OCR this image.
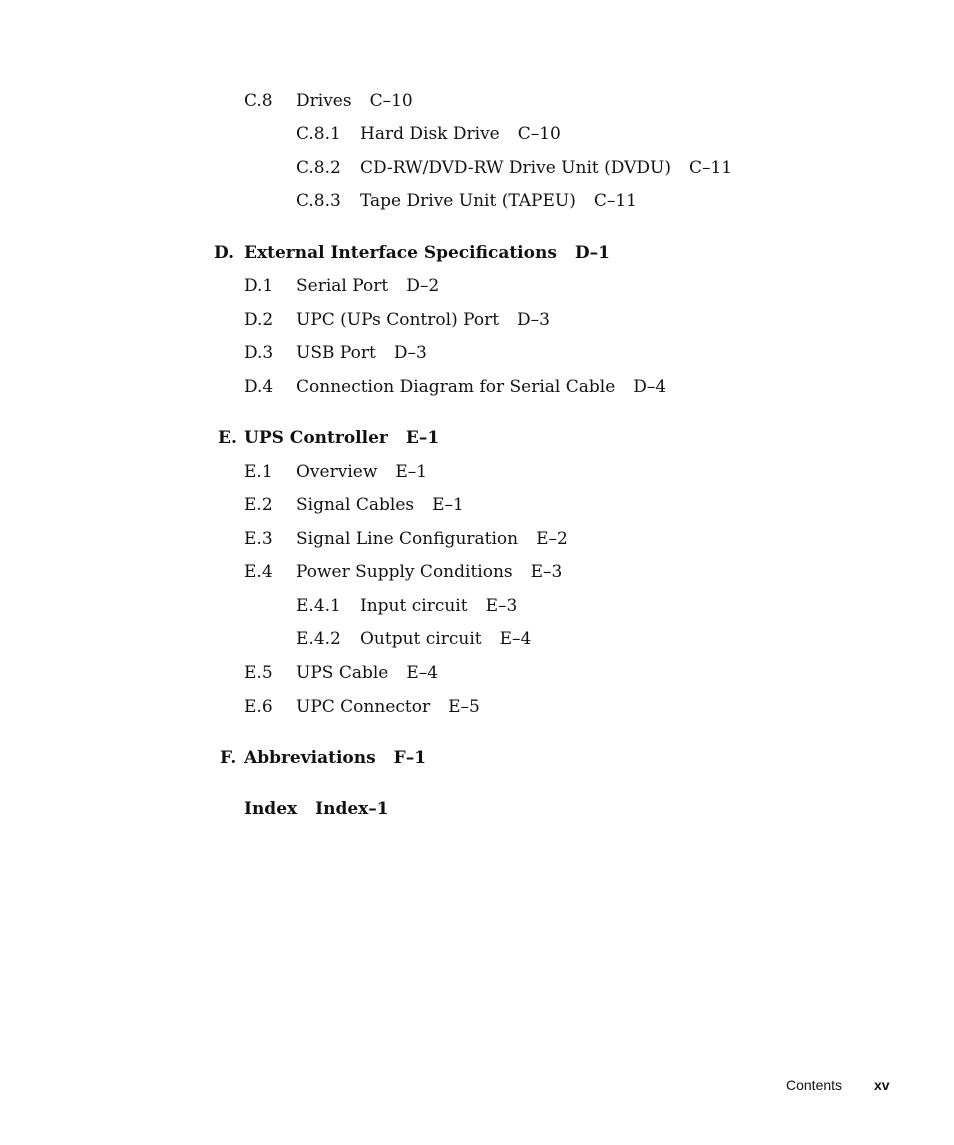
C.8 Drives C–10
C.8.1 Hard Disk Drive C–10
C.8.2 CD-RW/DVD-RW Drive Unit (DVDU) C–11
C.8.3 Tape Drive Unit (TAPEU) C–11
D. External Interface Specifications D–1
D.1 Serial Port D–2
D.2 UPC (UPs Control) Port D–3
D.3 USB Port D–3
D.4 Connection Diagram for Serial Cable D–4
E. UPS Controller E–1
E.1 Overview E–1
E.2 Signal Cables E–1
E.3 Signal Line Configuration E–2
E.4 Power Supply Conditions E–3
E.4.1 Input circuit E–3
E.4.2 Output circuit E–4
E.5 UPS Cable E–4
E.6 UPC Connector E–5
F. Abbreviations F–1
Index Index–1
Contents xv
